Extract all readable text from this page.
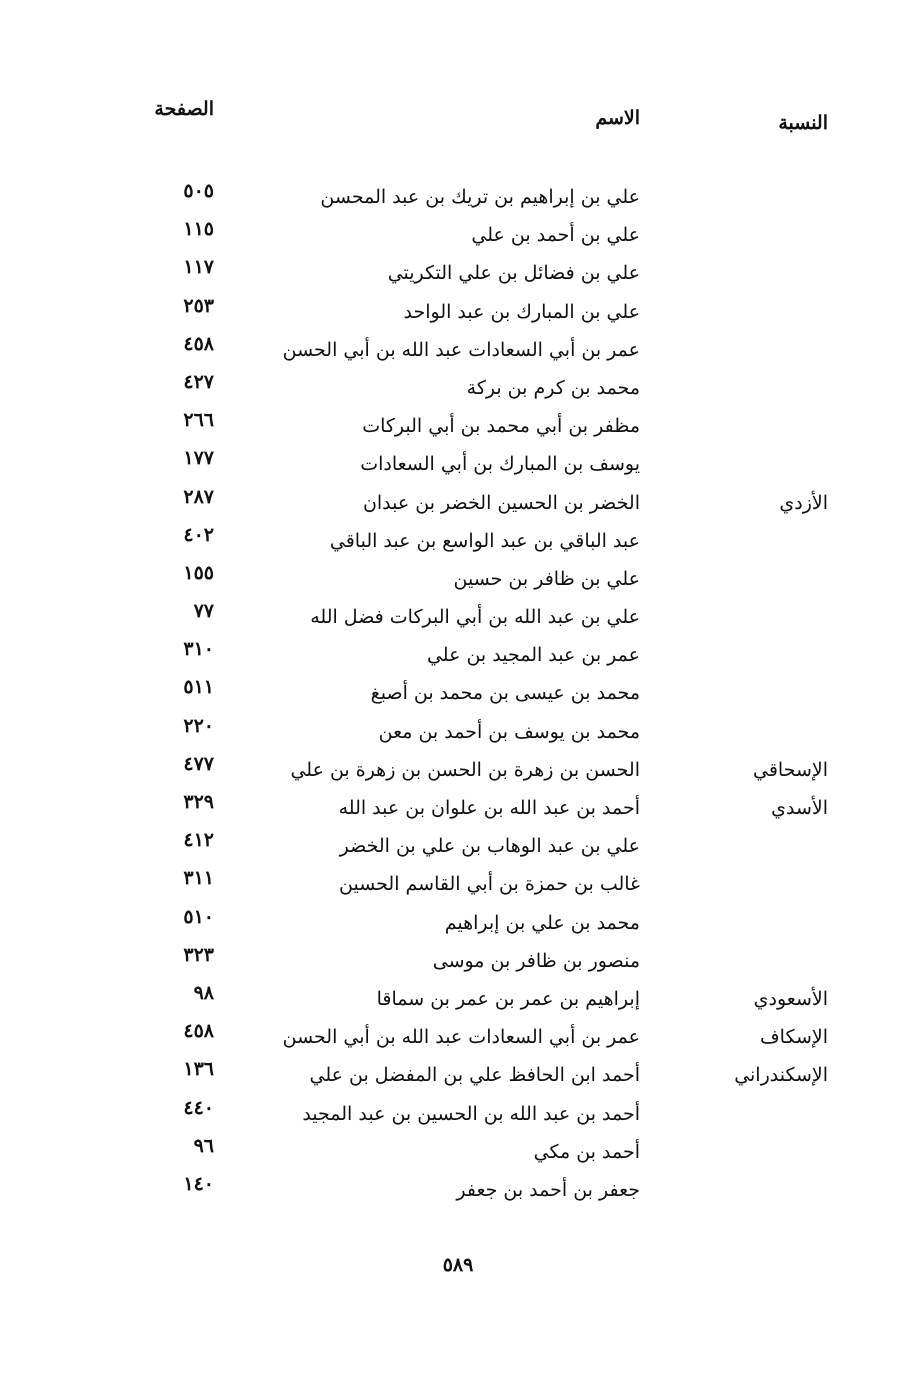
النسبة
الاسم
الصفحة
علي بن إبراهيم بن تريك بن عبد المحسن
٥٠٥
علي بن أحمد بن علي
١١٥
علي بن فضائل بن علي التكريتي
١١٧
علي بن المبارك بن عبد الواحد
٢٥٣
عمر بن أبي السعادات عبد الله بن أبي الحسن
٤٥٨
محمد بن كرم بن بركة
٤٢٧
مظفر بن أبي محمد بن أبي البركات
٢٦٦
يوسف بن المبارك بن أبي السعادات
١٧٧
الأزدي
الخضر بن الحسين الخضر بن عبدان
٢٨٧
عبد الباقي بن عبد الواسع بن عبد الباقي
٤٠٢
علي بن ظافر بن حسين
١٥٥
علي بن عبد الله بن أبي البركات فضل الله
٧٧
عمر بن عبد المجيد بن علي
٣١٠
محمد بن عيسى بن محمد بن أصبغ
٥١١
محمد بن يوسف بن أحمد بن معن
٢٢٠
الإسحاقي
الحسن بن زهرة بن الحسن بن زهرة بن علي
٤٧٧
الأسدي
أحمد بن عبد الله بن علوان بن عبد الله
٣٢٩
علي بن عبد الوهاب بن علي بن الخضر
٤١٢
غالب بن حمزة بن أبي القاسم الحسين
٣١١
محمد بن علي بن إبراهيم
٥١٠
منصور بن ظافر بن موسى
٣٢٣
الأسعودي
إبراهيم بن عمر بن عمر بن سماقا
٩٨
الإسكاف
عمر بن أبي السعادات عبد الله بن أبي الحسن
٤٥٨
الإسكندراني
أحمد ابن الحافظ علي بن المفضل بن علي
١٣٦
أحمد بن عبد الله بن الحسين بن عبد المجيد
٤٤٠
أحمد بن مكي
٩٦
جعفر بن أحمد بن جعفر
١٤٠
٥٨٩
